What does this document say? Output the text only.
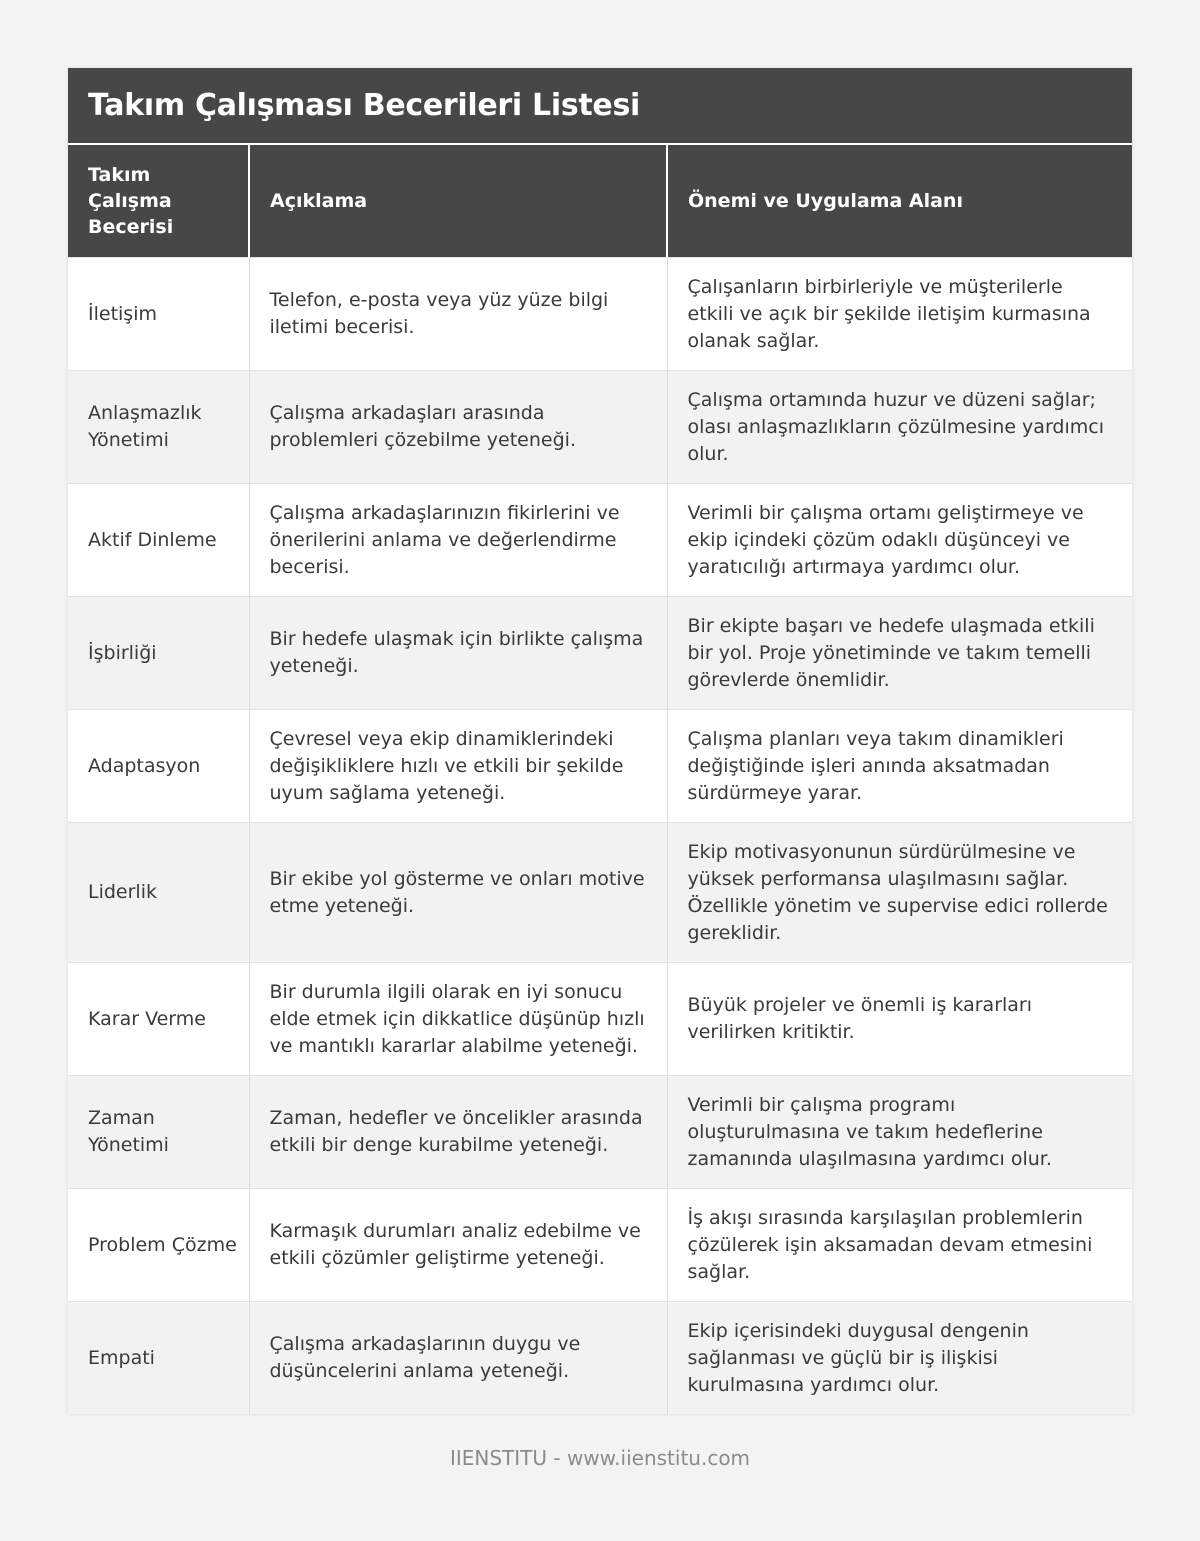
Takım Çalışması Becerileri Listesi
Takım Çalışma Becerisi	Açıklama	Önemi ve Uygulama Alanı
İletişim	Telefon, e-posta veya yüz yüze bilgi iletimi becerisi.	Çalışanların birbirleriyle ve müşterilerle etkili ve açık bir şekilde iletişim kurmasına olanak sağlar.
Anlaşmazlık Yönetimi	Çalışma arkadaşları arasında problemleri çözebilme yeteneği.	Çalışma ortamında huzur ve düzeni sağlar; olası anlaşmazlıkların çözülmesine yardımcı olur.
Aktif Dinleme	Çalışma arkadaşlarınızın fikirlerini ve önerilerini anlama ve değerlendirme becerisi.	Verimli bir çalışma ortamı geliştirmeye ve ekip içindeki çözüm odaklı düşünceyi ve yaratıcılığı artırmaya yardımcı olur.
İşbirliği	Bir hedefe ulaşmak için birlikte çalışma yeteneği.	Bir ekipte başarı ve hedefe ulaşmada etkili bir yol. Proje yönetiminde ve takım temelli görevlerde önemlidir.
Adaptasyon	Çevresel veya ekip dinamiklerindeki değişikliklere hızlı ve etkili bir şekilde uyum sağlama yeteneği.	Çalışma planları veya takım dinamikleri değiştiğinde işleri anında aksatmadan sürdürmeye yarar.
Liderlik	Bir ekibe yol gösterme ve onları motive etme yeteneği.	Ekip motivasyonunun sürdürülmesine ve yüksek performansa ulaşılmasını sağlar. Özellikle yönetim ve supervise edici rollerde gereklidir.
Karar Verme	Bir durumla ilgili olarak en iyi sonucu elde etmek için dikkatlice düşünüp hızlı ve mantıklı kararlar alabilme yeteneği.	Büyük projeler ve önemli iş kararları verilirken kritiktir.
Zaman Yönetimi	Zaman, hedefler ve öncelikler arasında etkili bir denge kurabilme yeteneği.	Verimli bir çalışma programı oluşturulmasına ve takım hedeflerine zamanında ulaşılmasına yardımcı olur.
Problem Çözme	Karmaşık durumları analiz edebilme ve etkili çözümler geliştirme yeteneği.	İş akışı sırasında karşılaşılan problemlerin çözülerek işin aksamadan devam etmesini sağlar.
Empati	Çalışma arkadaşlarının duygu ve düşüncelerini anlama yeteneği.	Ekip içerisindeki duygusal dengenin sağlanması ve güçlü bir iş ilişkisi kurulmasına yardımcı olur.
IIENSTITU - www.iienstitu.com
